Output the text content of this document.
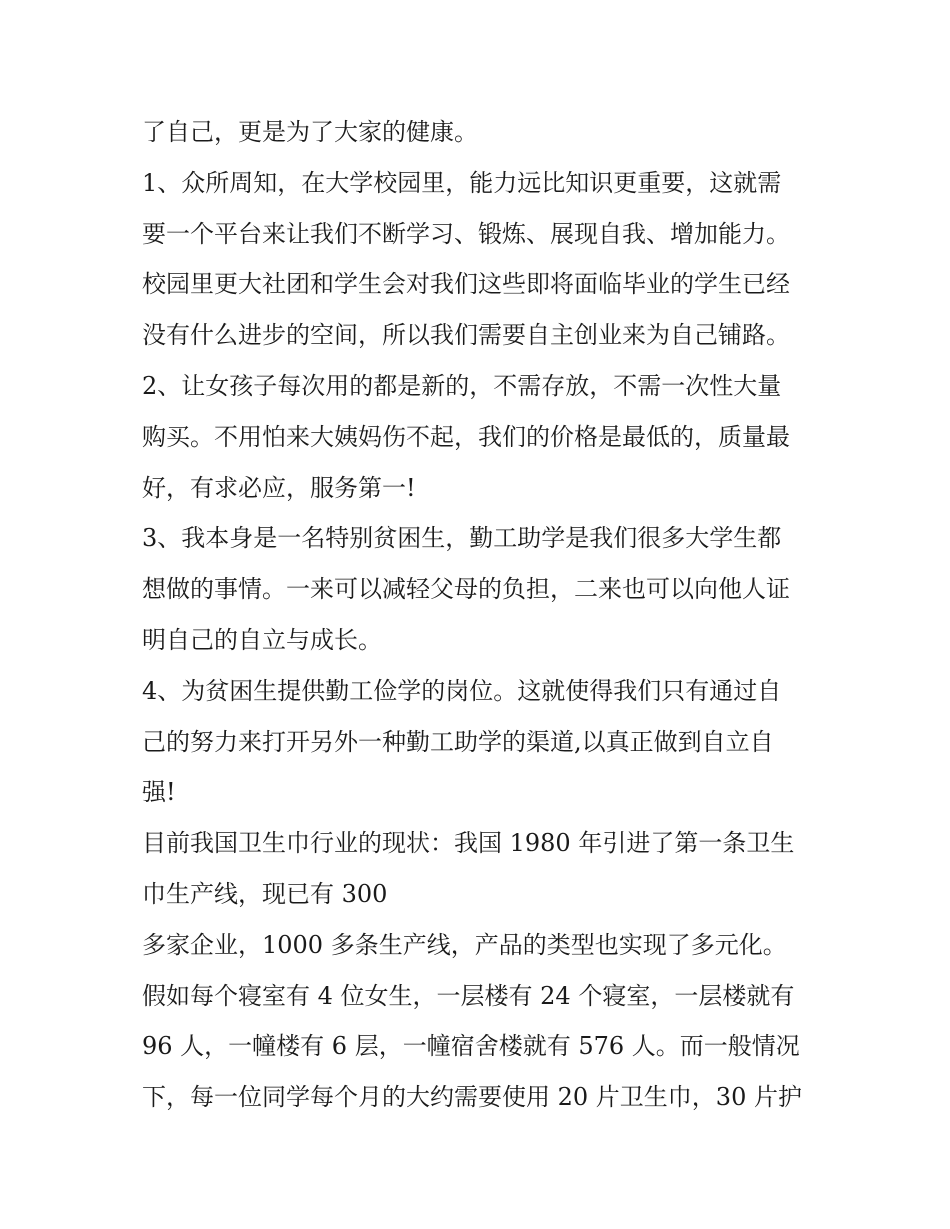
了自己，更是为了大家的健康。
1、众所周知，在大学校园里，能力远比知识更重要，这就需
要一个平台来让我们不断学习、锻炼、展现自我、增加能力。
校园里更大社团和学生会对我们这些即将面临毕业的学生已经
没有什么进步的空间，所以我们需要自主创业来为自己铺路。
2、让女孩子每次用的都是新的，不需存放，不需一次性大量
购买。不用怕来大姨妈伤不起，我们的价格是最低的，质量最
好，有求必应，服务第一!
3、我本身是一名特别贫困生，勤工助学是我们很多大学生都
想做的事情。一来可以减轻父母的负担，二来也可以向他人证
明自己的自立与成长。
4、为贫困生提供勤工俭学的岗位。这就使得我们只有通过自
己的努力来打开另外一种勤工助学的渠道,以真正做到自立自
强!
目前我国卫生巾行业的现状：我国 1980 年引进了第一条卫生
巾生产线，现已有 300
多家企业，1000 多条生产线，产品的类型也实现了多元化。
假如每个寝室有 4 位女生，一层楼有 24 个寝室，一层楼就有
96 人，一幢楼有 6 层，一幢宿舍楼就有 576 人。而一般情况
下，每一位同学每个月的大约需要使用 20 片卫生巾，30 片护
